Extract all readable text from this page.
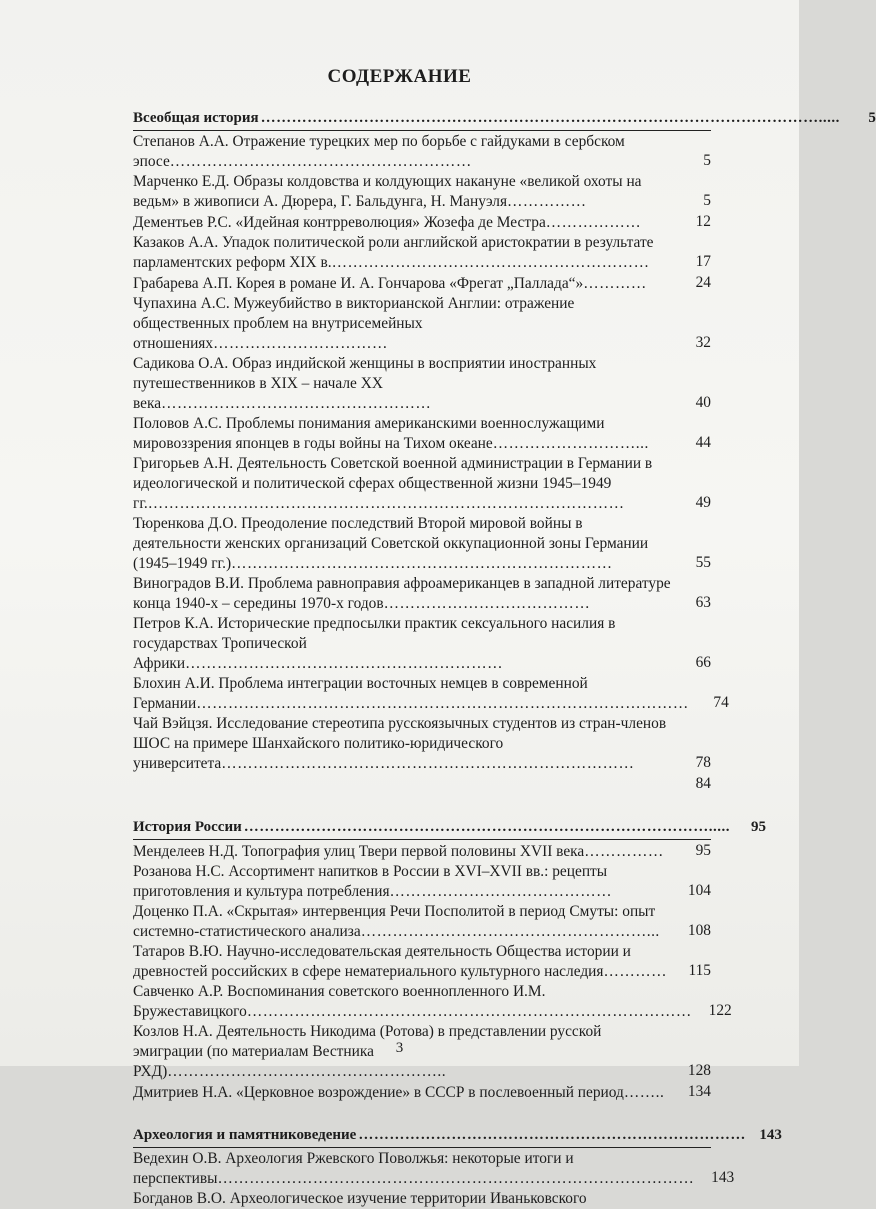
СОДЕРЖАНИЕ
Всеобщая история ……………………………………………………………………………………………….....	5
Степанов А.А. Отражение турецких мер по борьбе с гайдуками в сербском эпосе…………………………………………………	5
Марченко Е.Д. Образы колдовства и колдующих накануне «великой охоты на ведьм» в живописи А. Дюрера, Г. Бальдунга, Н. Мануэля……………	5
Дементьев Р.С. «Идейная контрреволюция» Жозефа де Местра………………	12
Казаков А.А. Упадок политической роли английской аристократии в результате парламентских реформ XIX в.……………………………………………………	17
Грабарева А.П. Корея в романе И. А. Гончарова «Фрегат „Паллада“»…………	24
Чупахина А.С. Мужеубийство в викторианской Англии: отражение общественных проблем на внутрисемейных отношениях……………………………	32
Садикова О.А. Образ индийской женщины в восприятии иностранных путешественников в XIX – начале XX века……………………………………………	40
Половов А.С. Проблемы понимания американскими военнослужащими мировоззрения японцев в годы войны на Тихом океане………………………...	44
Григорьев А.Н. Деятельность Советской военной администрации в Германии в идеологической и политической сферах общественной жизни 1945–1949 гг.………………………………………………………………………………	49
Тюренкова Д.О. Преодоление последствий Второй мировой войны в деятельности женских организаций Советской оккупационной зоны Германии (1945–1949 гг.)………………………………………………………………	55
Виноградов В.И. Проблема равноправия афроамериканцев в западной литературе конца 1940-х – середины 1970-х годов…………………………………	63
Петров К.А. Исторические предпосылки практик сексуального насилия в государствах Тропической Африки……………………………………………………	66
Блохин А.И. Проблема интеграции восточных немцев в современной Германии…………………………………………………………………………………	74
Чай Вэйцзя. Исследование стереотипа русскоязычных студентов из стран-членов ШОС на примере Шанхайского политико-юридического университета……………………………………………………………………	78
84
История России ……………………………………………………………………………….....	95
Менделеев Н.Д. Топография улиц Твери первой половины XVII века……………	95
Розанова Н.С. Ассортимент напитков в России в XVI–XVII вв.: рецепты приготовления и культура потребления……………………………………	104
Доценко П.А. «Скрытая» интервенция Речи Посполитой в период Смуты: опыт системно-статистического анализа………………………………………………...	108
Татаров В.Ю. Научно-исследовательская деятельность Общества истории и древностей российских в сфере нематериального культурного наследия…………	115
Савченко А.Р. Воспоминания советского военнопленного И.М. Бружеставицкого…………………………………………………………………………	122
Козлов Н.А. Деятельность Никодима (Ротова) в представлении русской эмиграции (по материалам Вестника РХД)……………………………………………..	128
Дмитриев Н.А. «Церковное возрождение» в СССР в послевоенный период……..	134
Археология и памятниковедение ………………………………………………………………… 143
Ведехин О.В. Археология Ржевского Поволжья: некоторые итоги и перспективы………………………………………………………………………………	143
Богданов В.О. Археологическое изучение территории Иваньковского
3
